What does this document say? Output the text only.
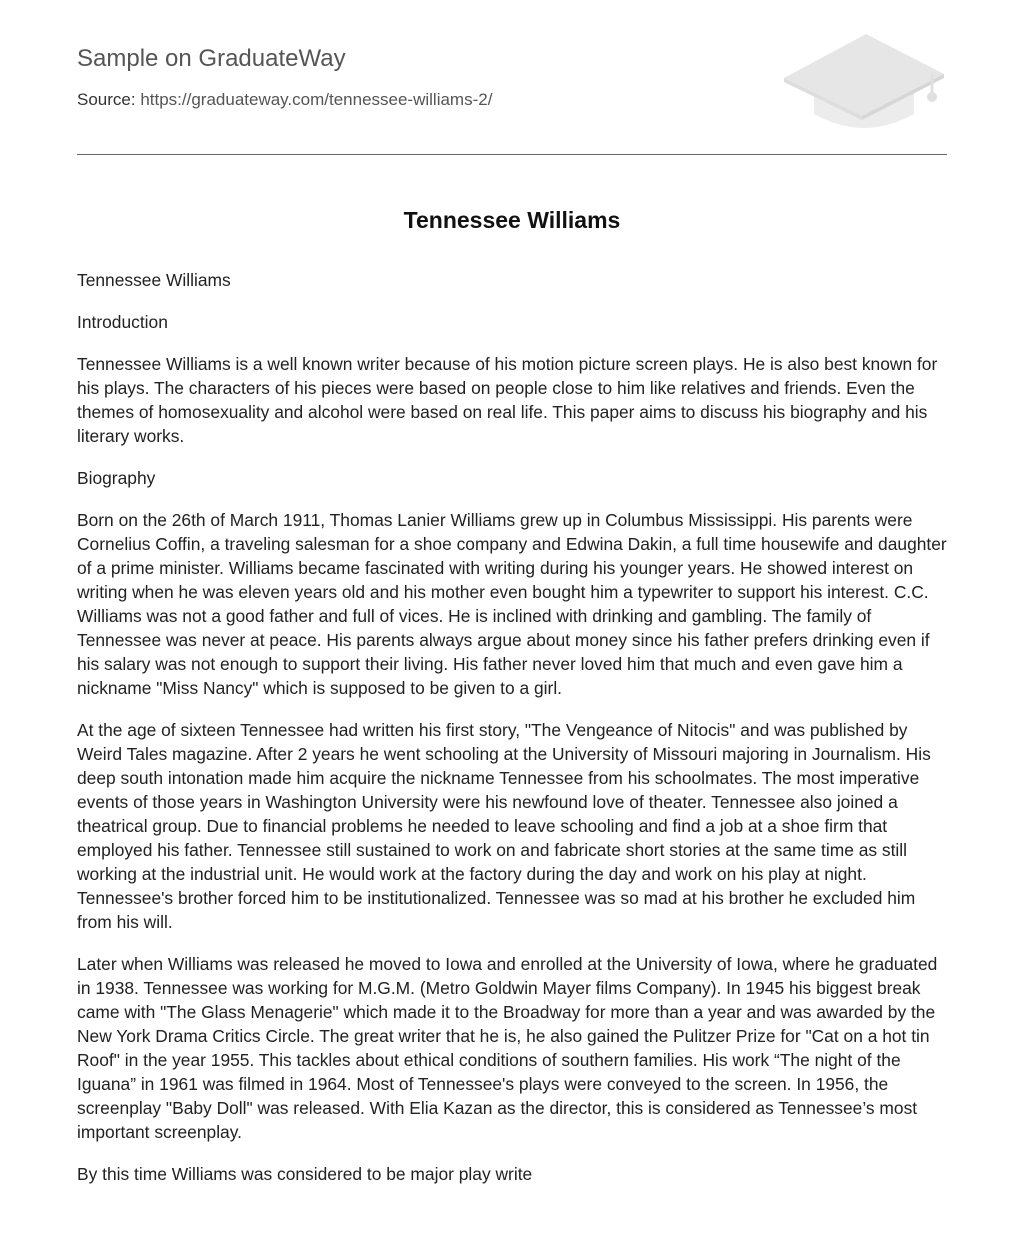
Sample on GraduateWay
Source: https://graduateway.com/tennessee-williams-2/
Tennessee Williams

Tennessee Williams

Introduction

Tennessee Williams is a well known writer because of his motion picture screen plays. He is also best known for his plays. The characters of his pieces were based on people close to him like relatives and friends. Even the themes of homosexuality and alcohol were based on real life. This paper aims to discuss his biography and his literary works.

Biography

Born on the 26th of March 1911, Thomas Lanier Williams grew up in Columbus Mississippi. His parents were Cornelius Coffin, a traveling salesman for a shoe company and Edwina Dakin, a full time housewife and daughter of a prime minister. Williams became fascinated with writing during his younger years. He showed interest on writing when he was eleven years old and his mother even bought him a typewriter to support his interest. C.C. Williams was not a good father and full of vices. He is inclined with drinking and gambling. The family of Tennessee was never at peace. His parents always argue about money since his father prefers drinking even if his salary was not enough to support their living. His father never loved him that much and even gave him a nickname "Miss Nancy" which is supposed to be given to a girl.

At the age of sixteen Tennessee had written his first story, "The Vengeance of Nitocis" and was published by Weird Tales magazine. After 2 years he went schooling at the University of Missouri majoring in Journalism. His deep south intonation made him acquire the nickname Tennessee from his schoolmates. The most imperative events of those years in Washington University were his newfound love of theater. Tennessee also joined a theatrical group. Due to financial problems he needed to leave schooling and find a job at a shoe firm that employed his father. Tennessee still sustained to work on and fabricate short stories at the same time as still working at the industrial unit. He would work at the factory during the day and work on his play at night. Tennessee's brother forced him to be institutionalized. Tennessee was so mad at his brother he excluded him from his will.

Later when Williams was released he moved to Iowa and enrolled at the University of Iowa, where he graduated in 1938. Tennessee was working for M.G.M. (Metro Goldwin Mayer films Company). In 1945 his biggest break came with "The Glass Menagerie" which made it to the Broadway for more than a year and was awarded by the New York Drama Critics Circle. The great writer that he is, he also gained the Pulitzer Prize for "Cat on a hot tin Roof" in the year 1955. This tackles about ethical conditions of southern families. His work “The night of the Iguana” in 1961 was filmed in 1964. Most of Tennessee's plays were conveyed to the screen. In 1956, the screenplay "Baby Doll" was released. With Elia Kazan as the director, this is considered as Tennessee’s most important screenplay.

By this time Williams was considered to be major play write
